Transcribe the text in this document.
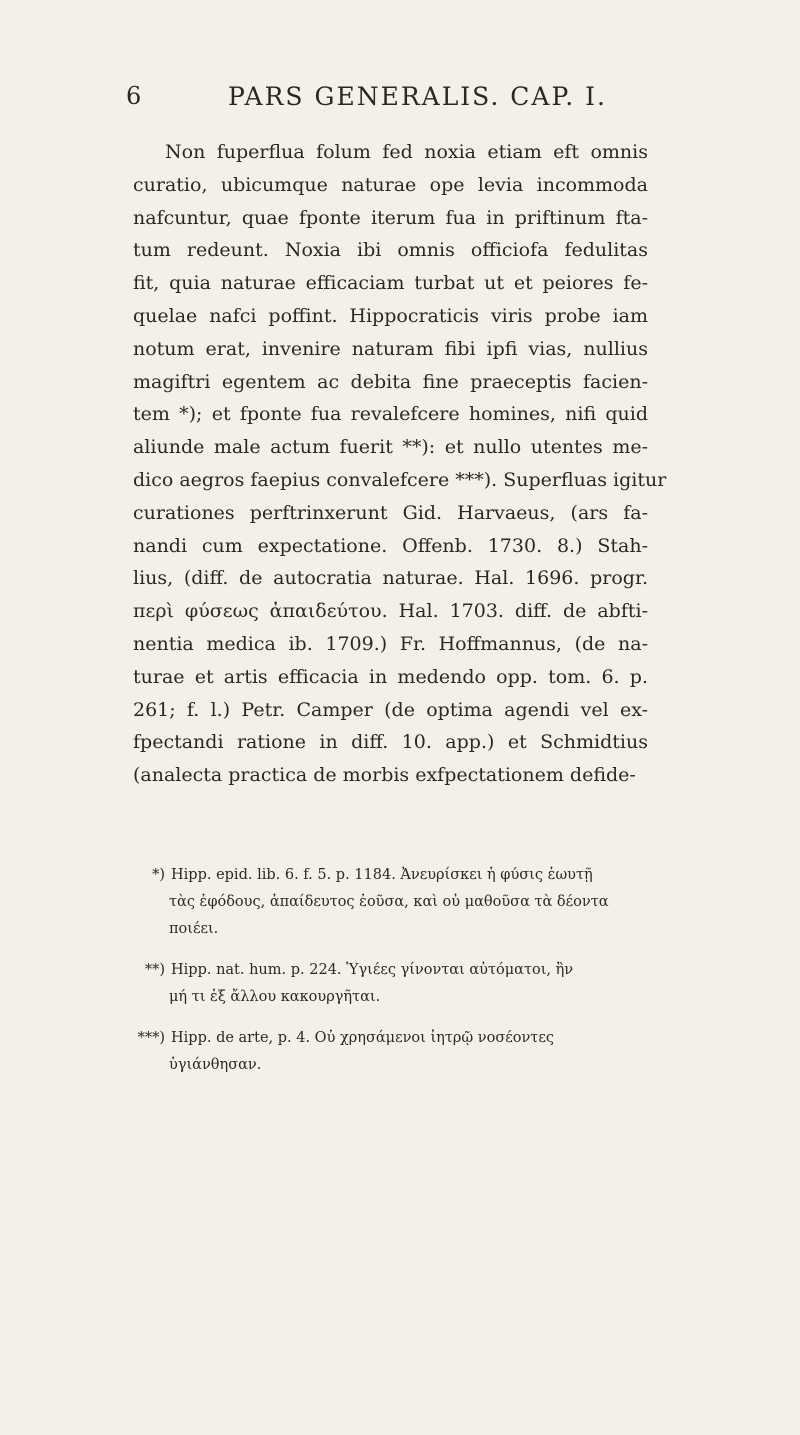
6	PARS GENERALIS. CAP. I.
Non fuperflua folum fed noxia etiam eft omnis
curatio, ubicumque naturae ope levia incommoda
nafcuntur, quae fponte iterum fua in priftinum fta-
tum redeunt. Noxia ibi omnis officiofa fedulitas
fit, quia naturae efficaciam turbat ut et peiores fe-
quelae nafci poffint. Hippocraticis viris probe iam
notum erat, invenire naturam fibi ipfi vias, nullius
magiftri egentem ac debita fine praeceptis facien-
tem *); et fponte fua revalefcere homines, nifi quid
aliunde male actum fuerit **): et nullo utentes me-
dico aegros faepius convalefcere ***). Superfluas igitur
curationes perftrinxerunt Gid. Harvaeus, (ars fa-
nandi cum expectatione. Offenb. 1730. 8.) Stah-
lius, (diff. de autocratia naturae. Hal. 1696. progr.
περὶ φύσεως ἀπαιδεύτου. Hal. 1703. diff. de abfti-
nentia medica ib. 1709.) Fr. Hoffmannus, (de na-
turae et artis efficacia in medendo opp. tom. 6. p.
261; f. l.) Petr. Camper (de optima agendi vel ex-
fpectandi ratione in diff. 10. app.) et Schmidtius
(analecta practica de morbis exfpectationem defide-
*) Hipp. epid. lib. 6. f. 5. p. 1184. Ἀνευρίσκει ἡ φύσις ἑωυτῇ
τὰς ἐφόδους, ἀπαίδευτος ἐοῦσα, καὶ οὐ μαθοῦσα τὰ δέοντα
ποιέει.
**) Hipp. nat. hum. p. 224. Ὑγιέες γίνονται αὐτόματοι, ἢν
μή τι ἐξ ἄλλου κακουργῆται.
***) Hipp. de arte, p. 4. Οὐ χρησάμενοι ἰητρῷ νοσέοντες
ὑγιάνθησαν.
